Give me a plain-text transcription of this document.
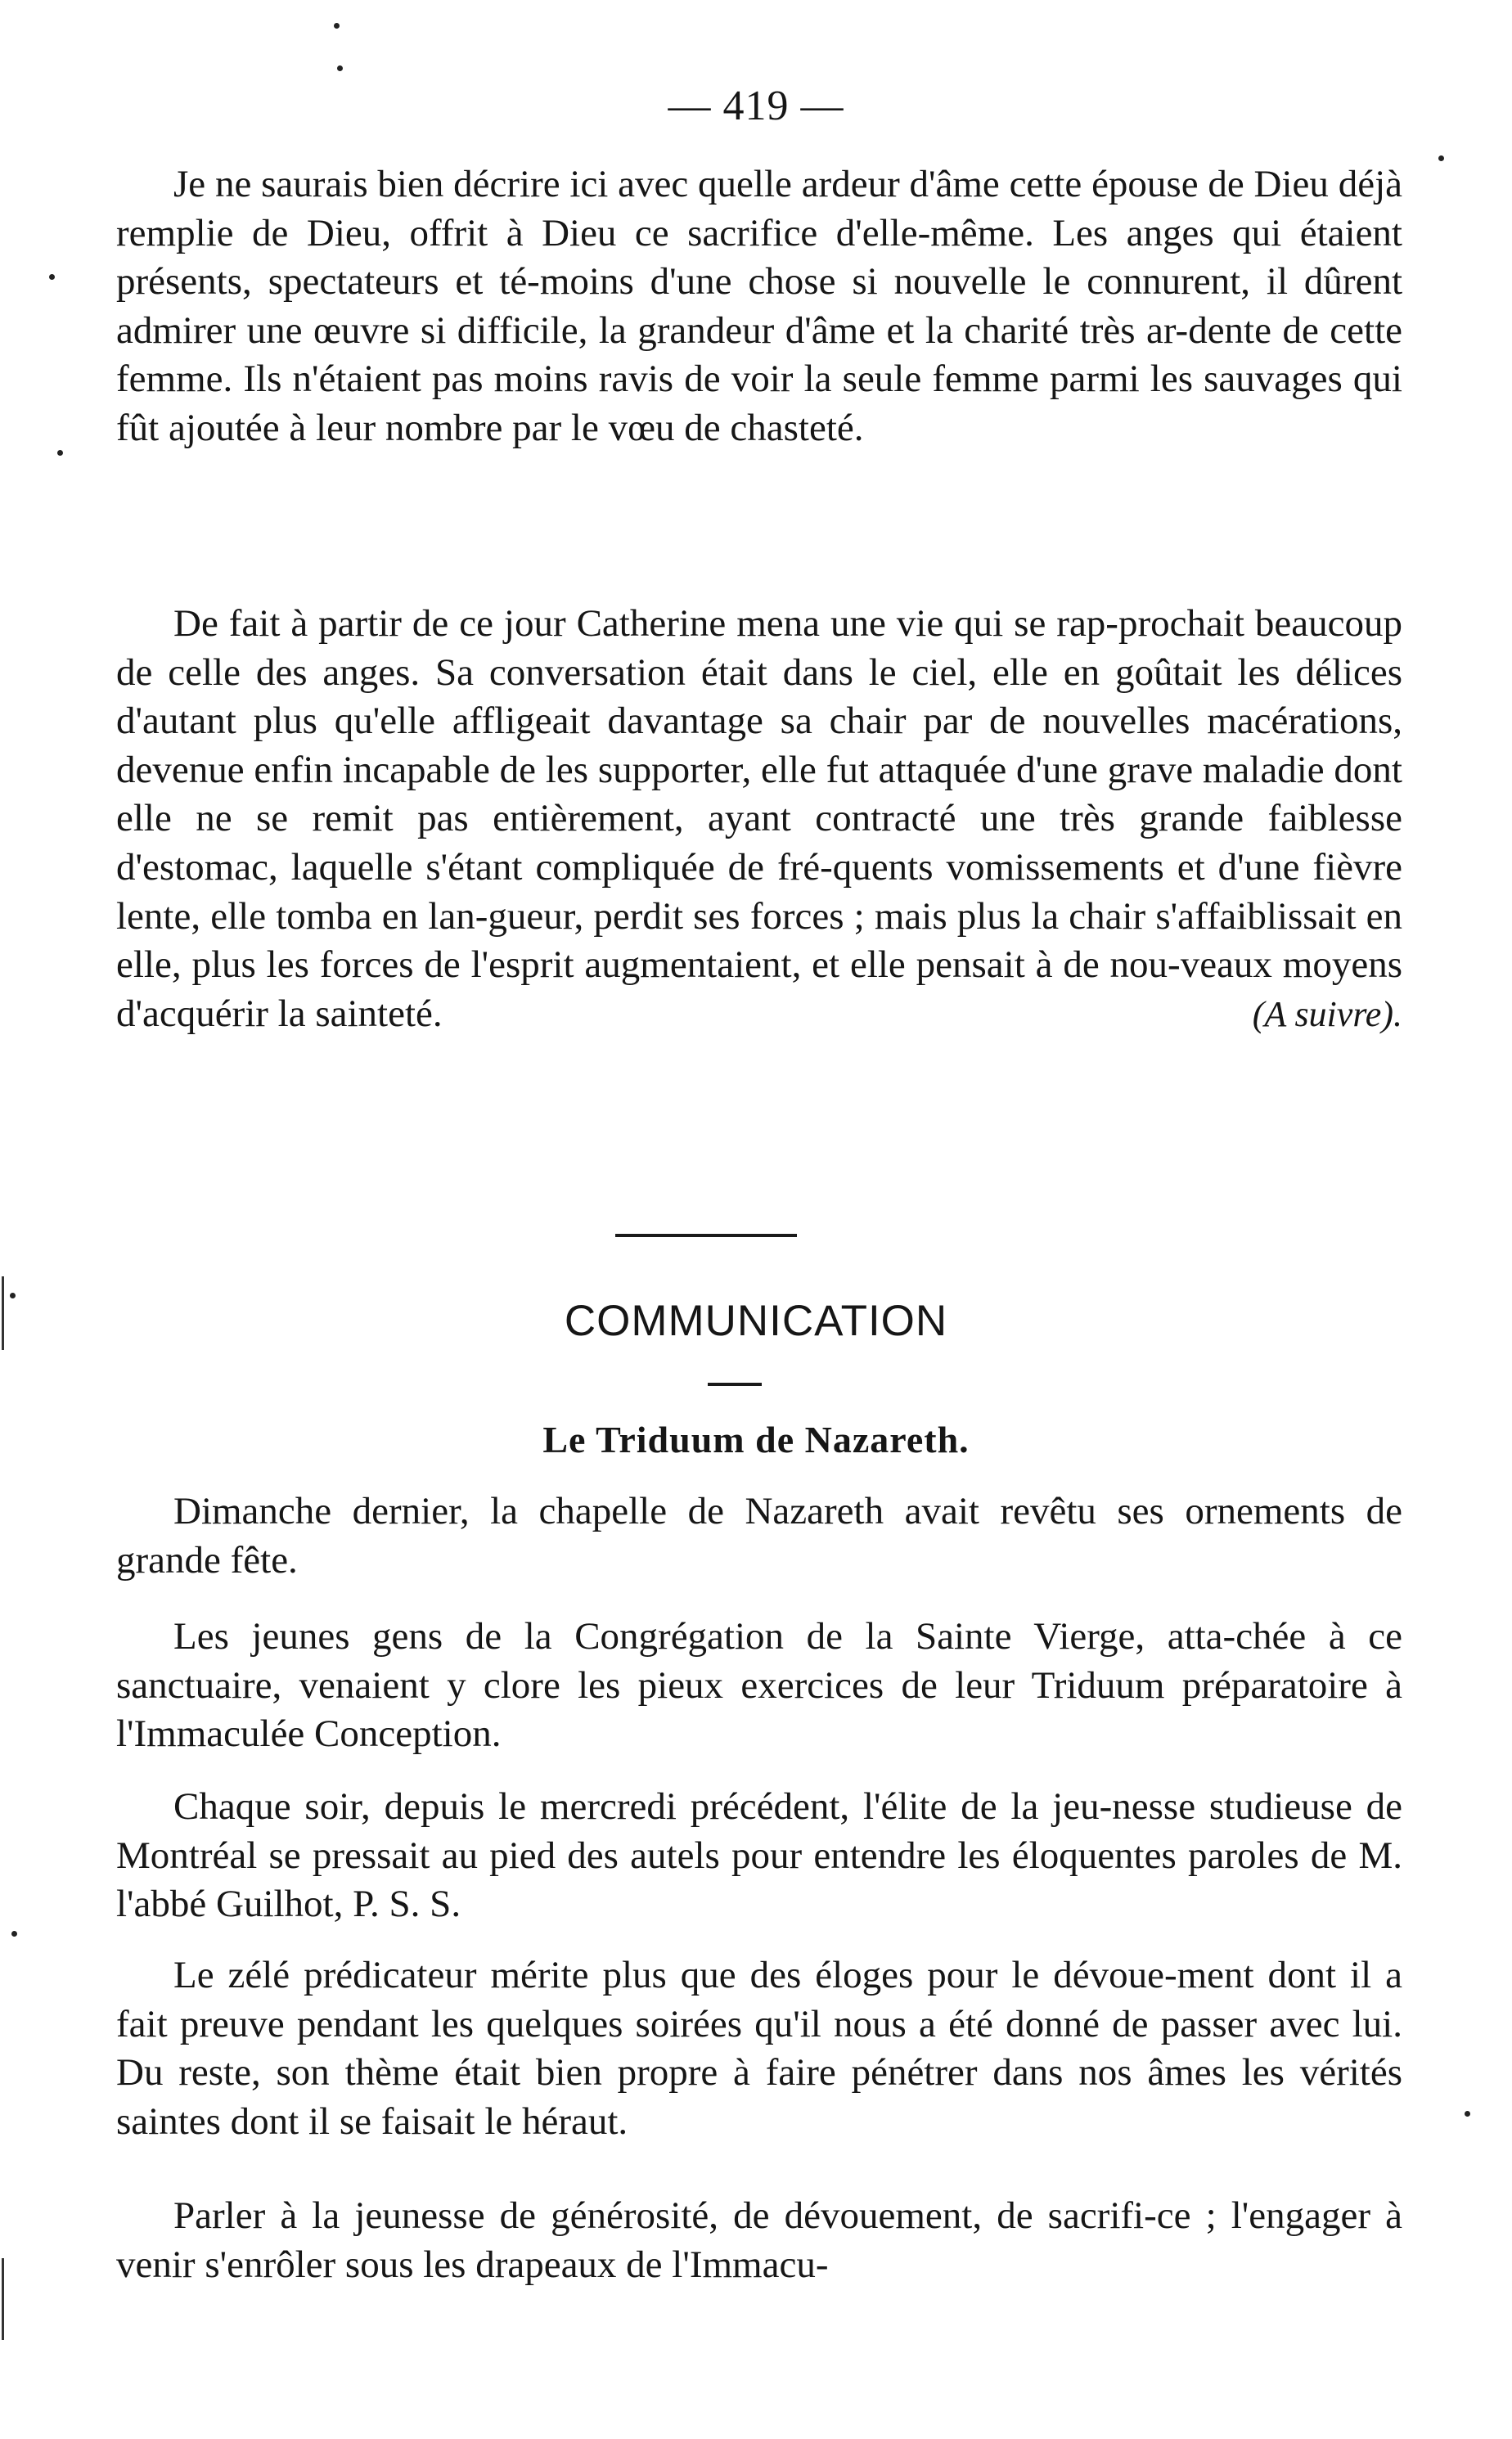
— 419 —

Je ne saurais bien décrire ici avec quelle ardeur d'âme cette épouse de Dieu déjà remplie de Dieu, offrit à Dieu ce sacrifice d'elle-même. Les anges qui étaient présents, spectateurs et té-moins d'une chose si nouvelle le connurent, il dûrent admirer une œuvre si difficile, la grandeur d'âme et la charité très ar-dente de cette femme. Ils n'étaient pas moins ravis de voir la seule femme parmi les sauvages qui fût ajoutée à leur nombre par le vœu de chasteté.

De fait à partir de ce jour Catherine mena une vie qui se rap-prochait beaucoup de celle des anges. Sa conversation était dans le ciel, elle en goûtait les délices d'autant plus qu'elle affligeait davantage sa chair par de nouvelles macérations, devenue enfin incapable de les supporter, elle fut attaquée d'une grave maladie dont elle ne se remit pas entièrement, ayant contracté une très grande faiblesse d'estomac, laquelle s'étant compliquée de fré-quents vomissements et d'une fièvre lente, elle tomba en lan-gueur, perdit ses forces ; mais plus la chair s'affaiblissait en elle, plus les forces de l'esprit augmentaient, et elle pensait à de nou-veaux moyens d'acquérir la sainteté.	(A suivre).

COMMUNICATION
Le Triduum de Nazareth.

Dimanche dernier, la chapelle de Nazareth avait revêtu ses ornements de grande fête.

Les jeunes gens de la Congrégation de la Sainte Vierge, atta-chée à ce sanctuaire, venaient y clore les pieux exercices de leur Triduum préparatoire à l'Immaculée Conception.

Chaque soir, depuis le mercredi précédent, l'élite de la jeu-nesse studieuse de Montréal se pressait au pied des autels pour entendre les éloquentes paroles de M. l'abbé Guilhot, P. S. S.

Le zélé prédicateur mérite plus que des éloges pour le dévoue-ment dont il a fait preuve pendant les quelques soirées qu'il nous a été donné de passer avec lui. Du reste, son thème était bien propre à faire pénétrer dans nos âmes les vérités saintes dont il se faisait le héraut.

Parler à la jeunesse de générosité, de dévouement, de sacrifi-ce ; l'engager à venir s'enrôler sous les drapeaux de l'Immacu-
